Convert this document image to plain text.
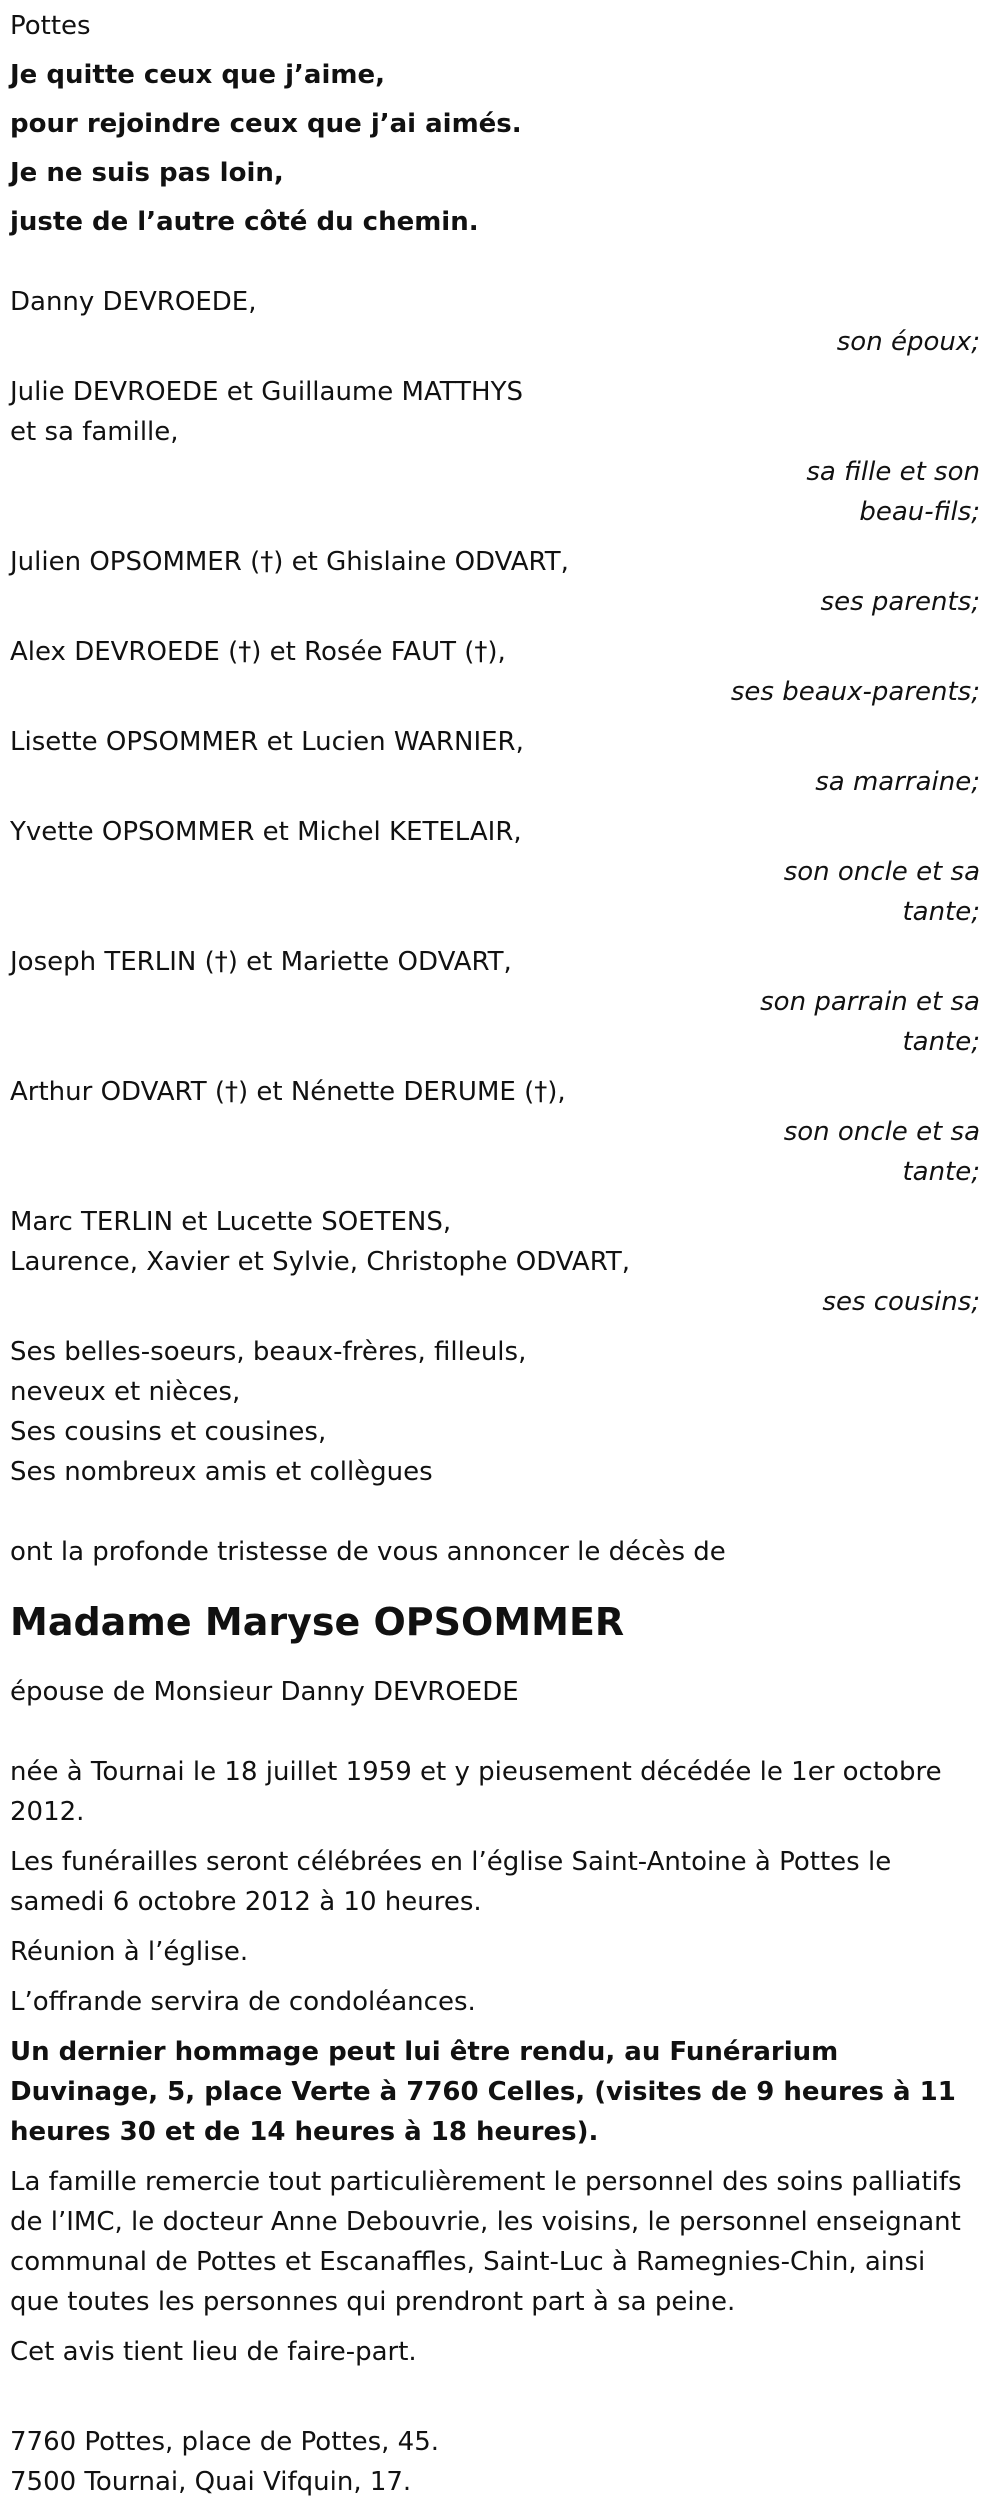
Pottes
Je quitte ceux que j’aime,
pour rejoindre ceux que j’ai aimés.
Je ne suis pas loin,
juste de l’autre côté du chemin.
Danny DEVROEDE,
son époux;
Julie DEVROEDE et Guillaume MATTHYS
et sa famille,
sa fille et son
beau-fils;
Julien OPSOMMER (†) et Ghislaine ODVART,
ses parents;
Alex DEVROEDE (†) et Rosée FAUT (†),
ses beaux-parents;
Lisette OPSOMMER et Lucien WARNIER,
sa marraine;
Yvette OPSOMMER et Michel KETELAIR,
son oncle et sa
tante;
Joseph TERLIN (†) et Mariette ODVART,
son parrain et sa
tante;
Arthur ODVART (†) et Nénette DERUME (†),
son oncle et sa
tante;
Marc TERLIN et Lucette SOETENS,
Laurence, Xavier et Sylvie, Christophe ODVART,
ses cousins;
Ses belles-soeurs, beaux-frères, filleuls,
neveux et nièces,
Ses cousins et cousines,
Ses nombreux amis et collègues
ont la profonde tristesse de vous annoncer le décès de
Madame Maryse OPSOMMER
épouse de Monsieur Danny DEVROEDE

née à Tournai le 18 juillet 1959 et y pieusement décédée le 1er octobre 2012.

Les funérailles seront célébrées en l’église Saint-Antoine à Pottes le samedi 6 octobre 2012 à 10 heures.

Réunion à l’église.

L’offrande servira de condoléances.

Un dernier hommage peut lui être rendu, au Funérarium Duvinage, 5, place Verte à 7760 Celles, (visites de 9 heures à 11 heures 30 et de 14 heures à 18 heures).

La famille remercie tout particulièrement le personnel des soins palliatifs de l’IMC, le docteur Anne Debouvrie, les voisins, le personnel enseignant communal de Pottes et Escanaffles, Saint-Luc à Ramegnies-Chin, ainsi que toutes les personnes qui prendront part à sa peine.

Cet avis tient lieu de faire-part.

7760 Pottes, place de Pottes, 45.
7500 Tournai, Quai Vifquin, 17.
